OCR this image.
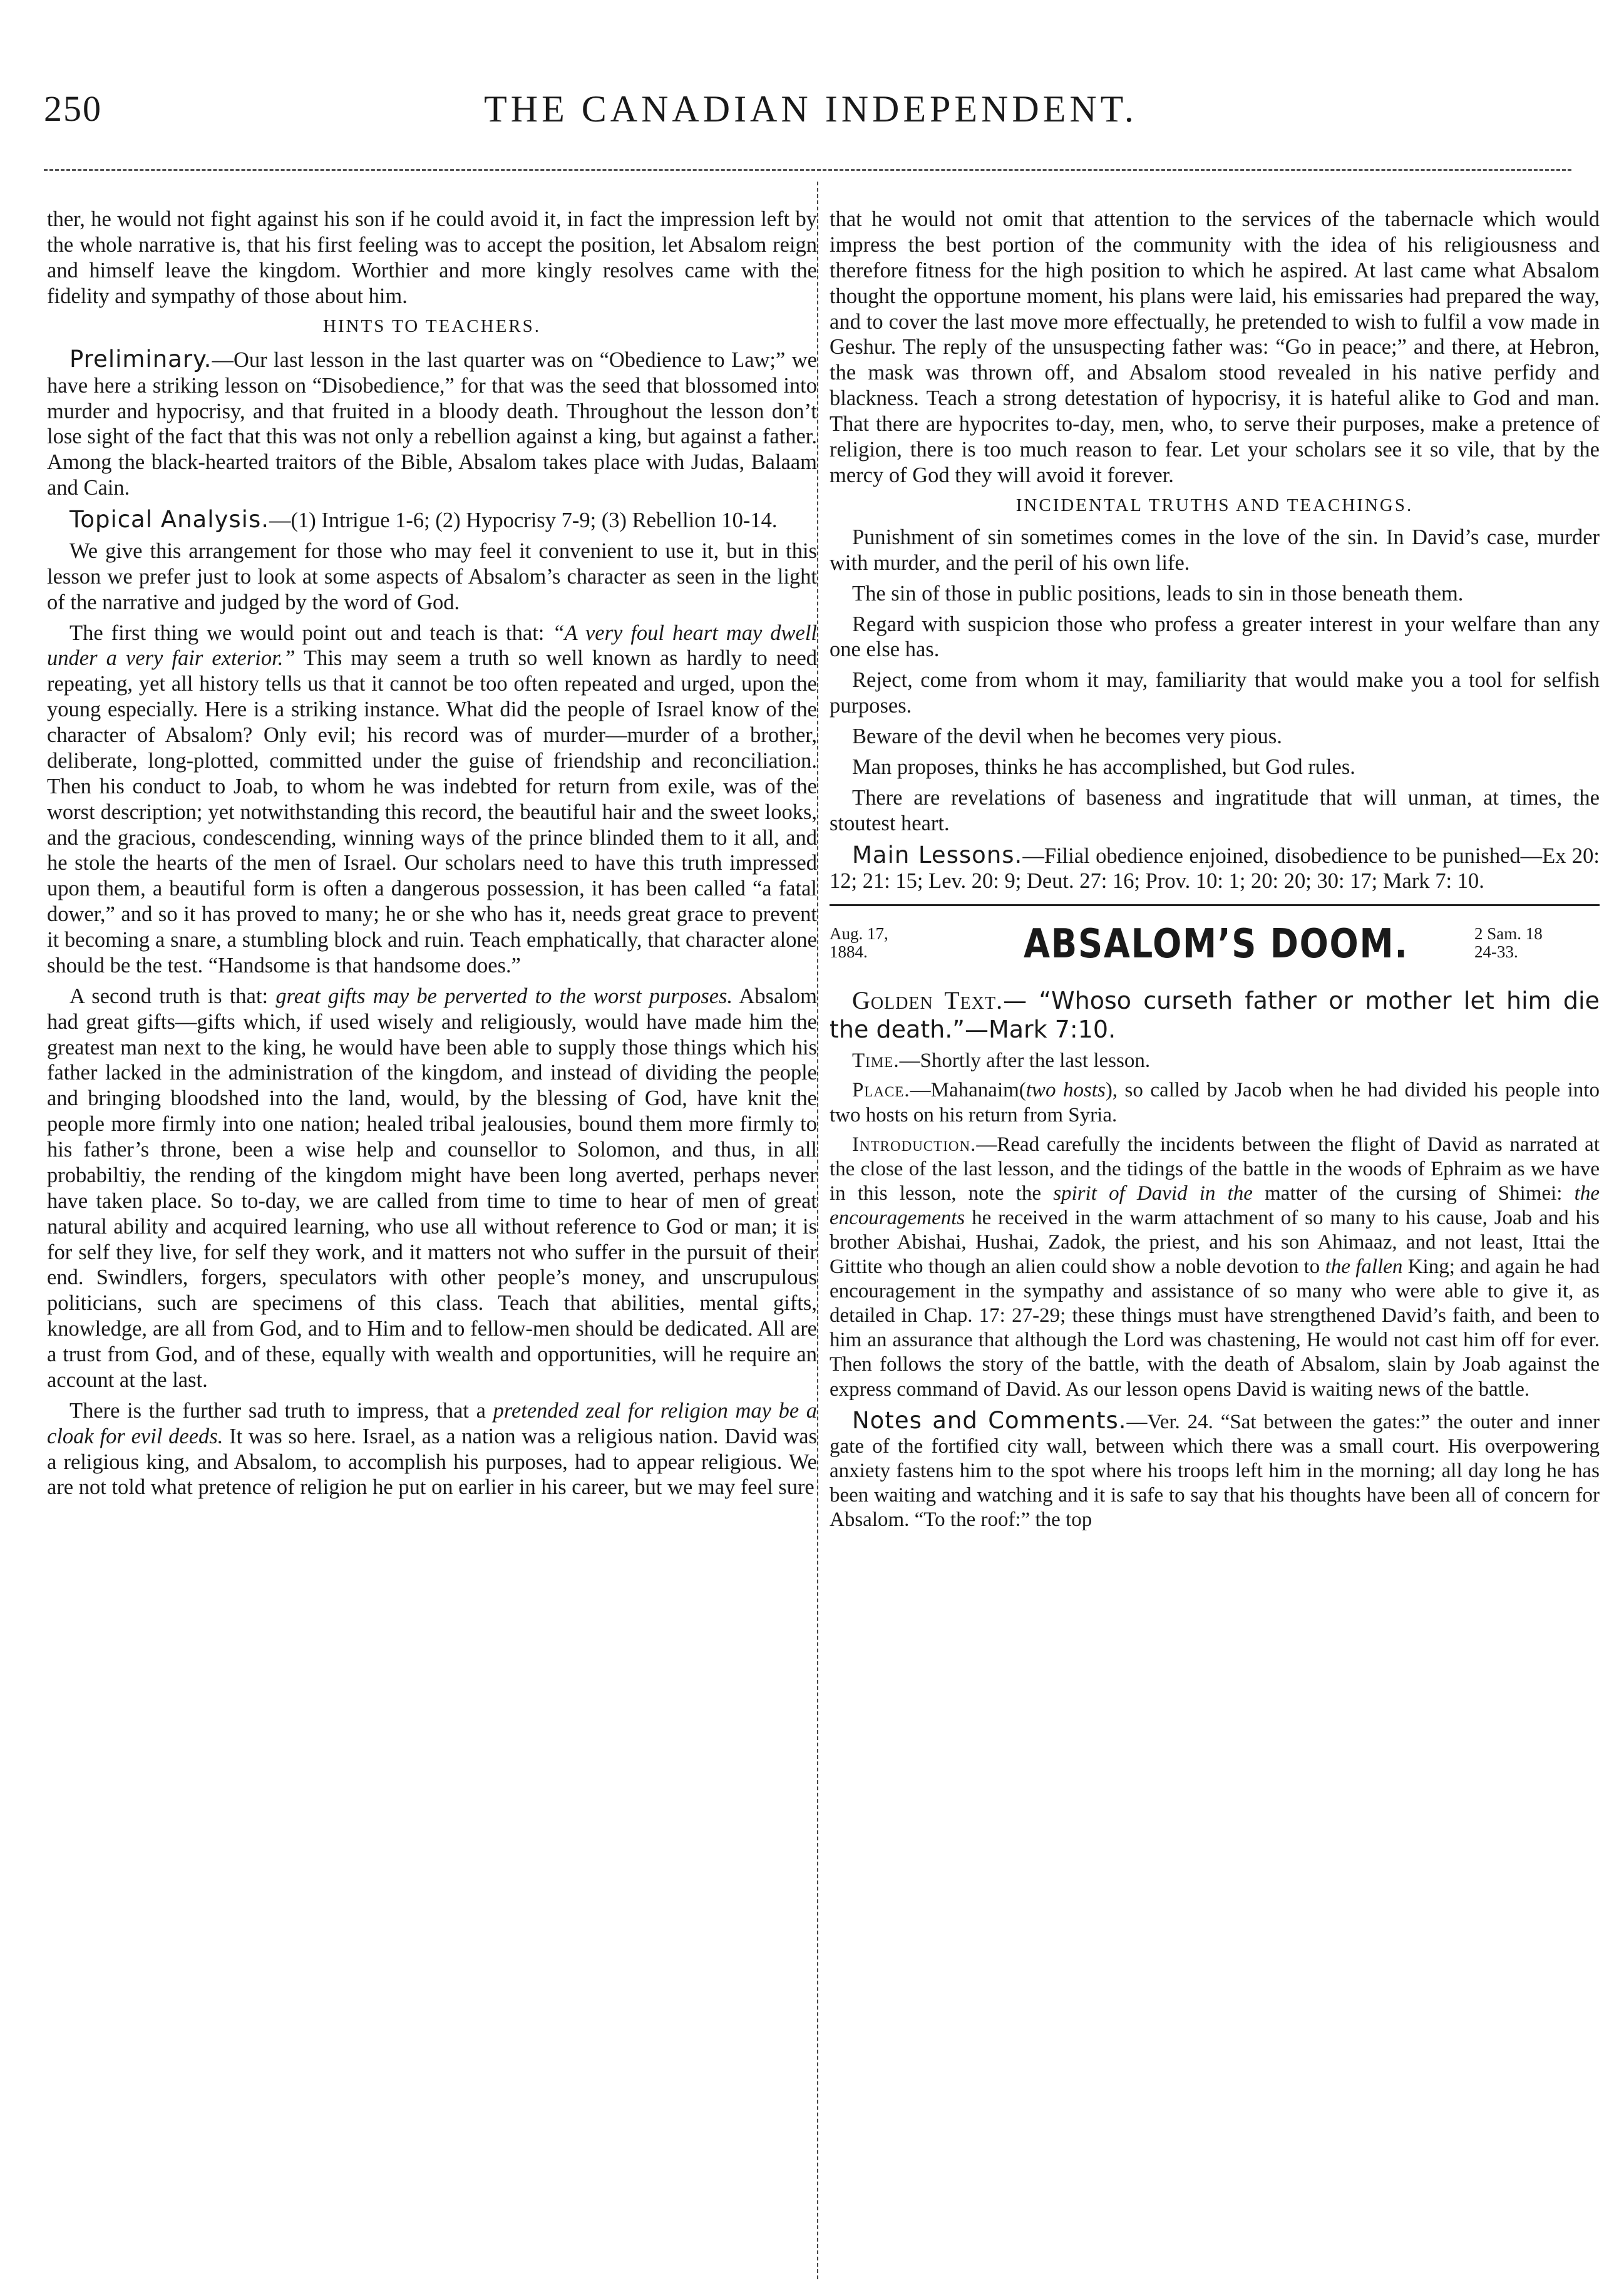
250	THE CANADIAN INDEPENDENT.

ther, he would not fight against his son if he could avoid it, in fact the impression left by the whole narrative is, that his first feeling was to accept the position, let Absalom reign and himself leave the kingdom. Worthier and more kingly resolves came with the fidelity and sympathy of those about him.

HINTS TO TEACHERS.

Preliminary.—Our last lesson in the last quarter was on “Obedience to Law;” we have here a striking lesson on “Disobedience,” for that was the seed that blossomed into murder and hypocrisy, and that fruited in a bloody death. Throughout the lesson don’t lose sight of the fact that this was not only a rebellion against a king, but against a father. Among the black-hearted traitors of the Bible, Absalom takes place with Judas, Balaam and Cain.

Topical Analysis.—(1) Intrigue 1-6; (2) Hypocrisy 7-9; (3) Rebellion 10-14.

We give this arrangement for those who may feel it convenient to use it, but in this lesson we prefer just to look at some aspects of Absalom’s character as seen in the light of the narrative and judged by the word of God.

The first thing we would point out and teach is that: “A very foul heart may dwell under a very fair exterior.” This may seem a truth so well known as hardly to need repeating, yet all history tells us that it cannot be too often repeated and urged, upon the young especially. Here is a striking instance. What did the people of Israel know of the character of Absalom? Only evil; his record was of murder—murder of a brother, deliberate, long-plotted, committed under the guise of friendship and reconciliation. Then his conduct to Joab, to whom he was indebted for return from exile, was of the worst description; yet notwithstanding this record, the beautiful hair and the sweet looks, and the gracious, condescending, winning ways of the prince blinded them to it all, and he stole the hearts of the men of Israel. Our scholars need to have this truth impressed upon them, a beautiful form is often a dangerous possession, it has been called “a fatal dower,” and so it has proved to many; he or she who has it, needs great grace to prevent it becoming a snare, a stumbling block and ruin. Teach emphatically, that character alone should be the test. “Handsome is that handsome does.”

A second truth is that: great gifts may be perverted to the worst purposes. Absalom had great gifts—gifts which, if used wisely and religiously, would have made him the greatest man next to the king, he would have been able to supply those things which his father lacked in the administration of the kingdom, and instead of dividing the people and bringing bloodshed into the land, would, by the blessing of God, have knit the people more firmly into one nation; healed tribal jealousies, bound them more firmly to his father’s throne, been a wise help and counsellor to Solomon, and thus, in all probabiltiy, the rending of the kingdom might have been long averted, perhaps never have taken place. So to-day, we are called from time to time to hear of men of great natural ability and acquired learning, who use all without reference to God or man; it is for self they live, for self they work, and it matters not who suffer in the pursuit of their end. Swindlers, forgers, speculators with other people’s money, and unscrupulous politicians, such are specimens of this class. Teach that abilities, mental gifts, knowledge, are all from God, and to Him and to fellow-men should be dedicated. All are a trust from God, and of these, equally with wealth and opportunities, will he require an account at the last.

There is the further sad truth to impress, that a pretended zeal for religion may be a cloak for evil deeds. It was so here. Israel, as a nation was a religious nation. David was a religious king, and Absalom, to accomplish his purposes, had to appear religious. We are not told what pretence of religion he put on earlier in his career, but we may feel sure

that he would not omit that attention to the services of the tabernacle which would impress the best portion of the community with the idea of his religiousness and therefore fitness for the high position to which he aspired. At last came what Absalom thought the opportune moment, his plans were laid, his emissaries had prepared the way, and to cover the last move more effectually, he pretended to wish to fulfil a vow made in Geshur. The reply of the unsuspecting father was: “Go in peace;” and there, at Hebron, the mask was thrown off, and Absalom stood revealed in his native perfidy and blackness. Teach a strong detestation of hypocrisy, it is hateful alike to God and man. That there are hypocrites to-day, men, who, to serve their purposes, make a pretence of religion, there is too much reason to fear. Let your scholars see it so vile, that by the mercy of God they will avoid it forever.

INCIDENTAL TRUTHS AND TEACHINGS.

Punishment of sin sometimes comes in the love of the sin. In David’s case, murder with murder, and the peril of his own life.

The sin of those in public positions, leads to sin in those beneath them.

Regard with suspicion those who profess a greater interest in your welfare than any one else has.

Reject, come from whom it may, familiarity that would make you a tool for selfish purposes.

Beware of the devil when he becomes very pious.

Man proposes, thinks he has accomplished, but God rules.

There are revelations of baseness and ingratitude that will unman, at times, the stoutest heart.

Main Lessons.—Filial obedience enjoined, disobedience to be punished—Ex 20: 12; 21: 15; Lev. 20: 9; Deut. 27: 16; Prov. 10: 1; 20: 20; 30: 17; Mark 7: 10.

Aug. 17,
1884.	ABSALOM’S DOOM.	2 Sam. 18
24-33.

Golden Text.— “Whoso curseth father or mother let him die the death.”—Mark 7:10.

Time.—Shortly after the last lesson.

Place.—Mahanaim(two hosts), so called by Jacob when he had divided his people into two hosts on his return from Syria.

Introduction.—Read carefully the incidents between the flight of David as narrated at the close of the last lesson, and the tidings of the battle in the woods of Ephraim as we have in this lesson, note the spirit of David in the matter of the cursing of Shimei: the encouragements he received in the warm attachment of so many to his cause, Joab and his brother Abishai, Hushai, Zadok, the priest, and his son Ahimaaz, and not least, Ittai the Gittite who though an alien could show a noble devotion to the fallen King; and again he had encouragement in the sympathy and assistance of so many who were able to give it, as detailed in Chap. 17: 27-29; these things must have strengthened David’s faith, and been to him an assurance that although the Lord was chastening, He would not cast him off for ever. Then follows the story of the battle, with the death of Absalom, slain by Joab against the express command of David. As our lesson opens David is waiting news of the battle.

Notes and Comments.—Ver. 24. “Sat between the gates:” the outer and inner gate of the fortified city wall, between which there was a small court. His overpowering anxiety fastens him to the spot where his troops left him in the morning; all day long he has been waiting and watching and it is safe to say that his thoughts have been all of concern for Absalom. “To the roof:” the top
